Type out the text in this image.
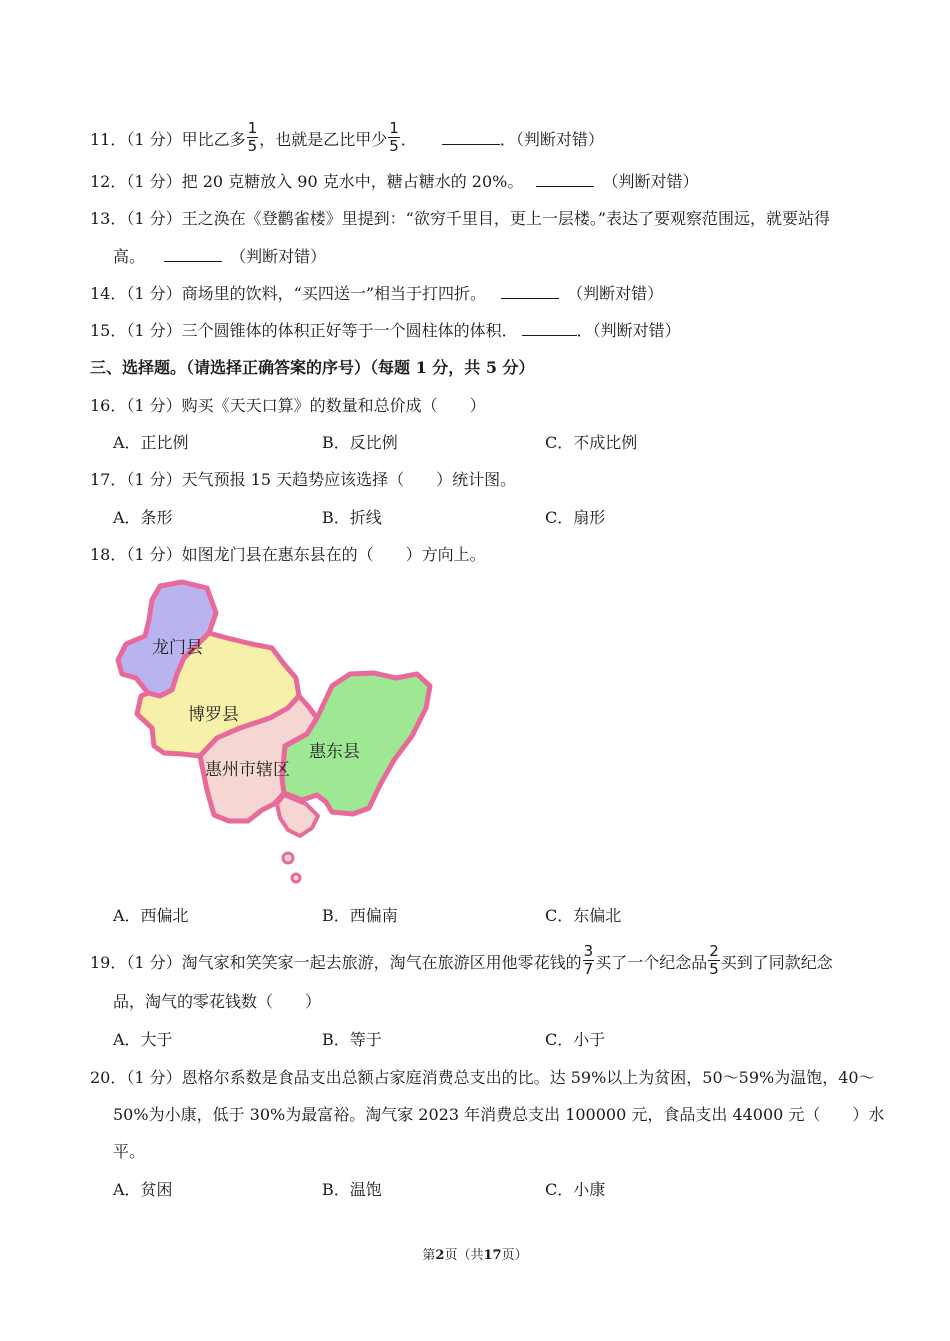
11．（1 分）甲比乙多 $\frac{1}{5}$ ，也就是乙比甲少 $\frac{1}{5}$ ．	．（判断对错）
12．（1 分）把 20 克糖放入 90 克水中，糖占糖水的 20%。	（判断对错）
13．（1 分）王之涣在《登鹳雀楼》里提到：“欲穷千里目，更上一层楼。”表达了要观察范围远，就要站得
高。	（判断对错）
14．（1 分）商场里的饮料，“买四送一”相当于打四折。	（判断对错）
15．（1 分）三个圆锥体的体积正好等于一个圆柱体的体积．	．（判断对错）
三、选择题。（请选择正确答案的序号）（每题 1 分，共 5 分）
16．（1 分）购买《天天口算》的数量和总价成（　　）
A．正比例	B．反比例	C．不成比例
17．（1 分）天气预报 15 天趋势应该选择（　　）统计图。
A．条形	B．折线	C．扇形
18．（1 分）如图龙门县在惠东县在的（　　）方向上。
龙门县
博罗县
惠州市辖区
惠东县
A．西偏北	B．西偏南	C．东偏北
19．（1 分）淘气家和笑笑家一起去旅游，淘气在旅游区用他零花钱的 $\frac{3}{7}$ 买了一个纪念品 $\frac{2}{5}$ 买到了同款纪念
品，淘气的零花钱数（　　）
A．大于	B．等于	C．小于
20．（1 分）恩格尔系数是食品支出总额占家庭消费总支出的比。达 59%以上为贫困，50～59%为温饱，40～
50%为小康，低于 30%为最富裕。淘气家 2023 年消费总支出 100000 元，食品支出 44000 元（　　）水
平。
A．贫困	B．温饱	C．小康
第2页（共17页）
